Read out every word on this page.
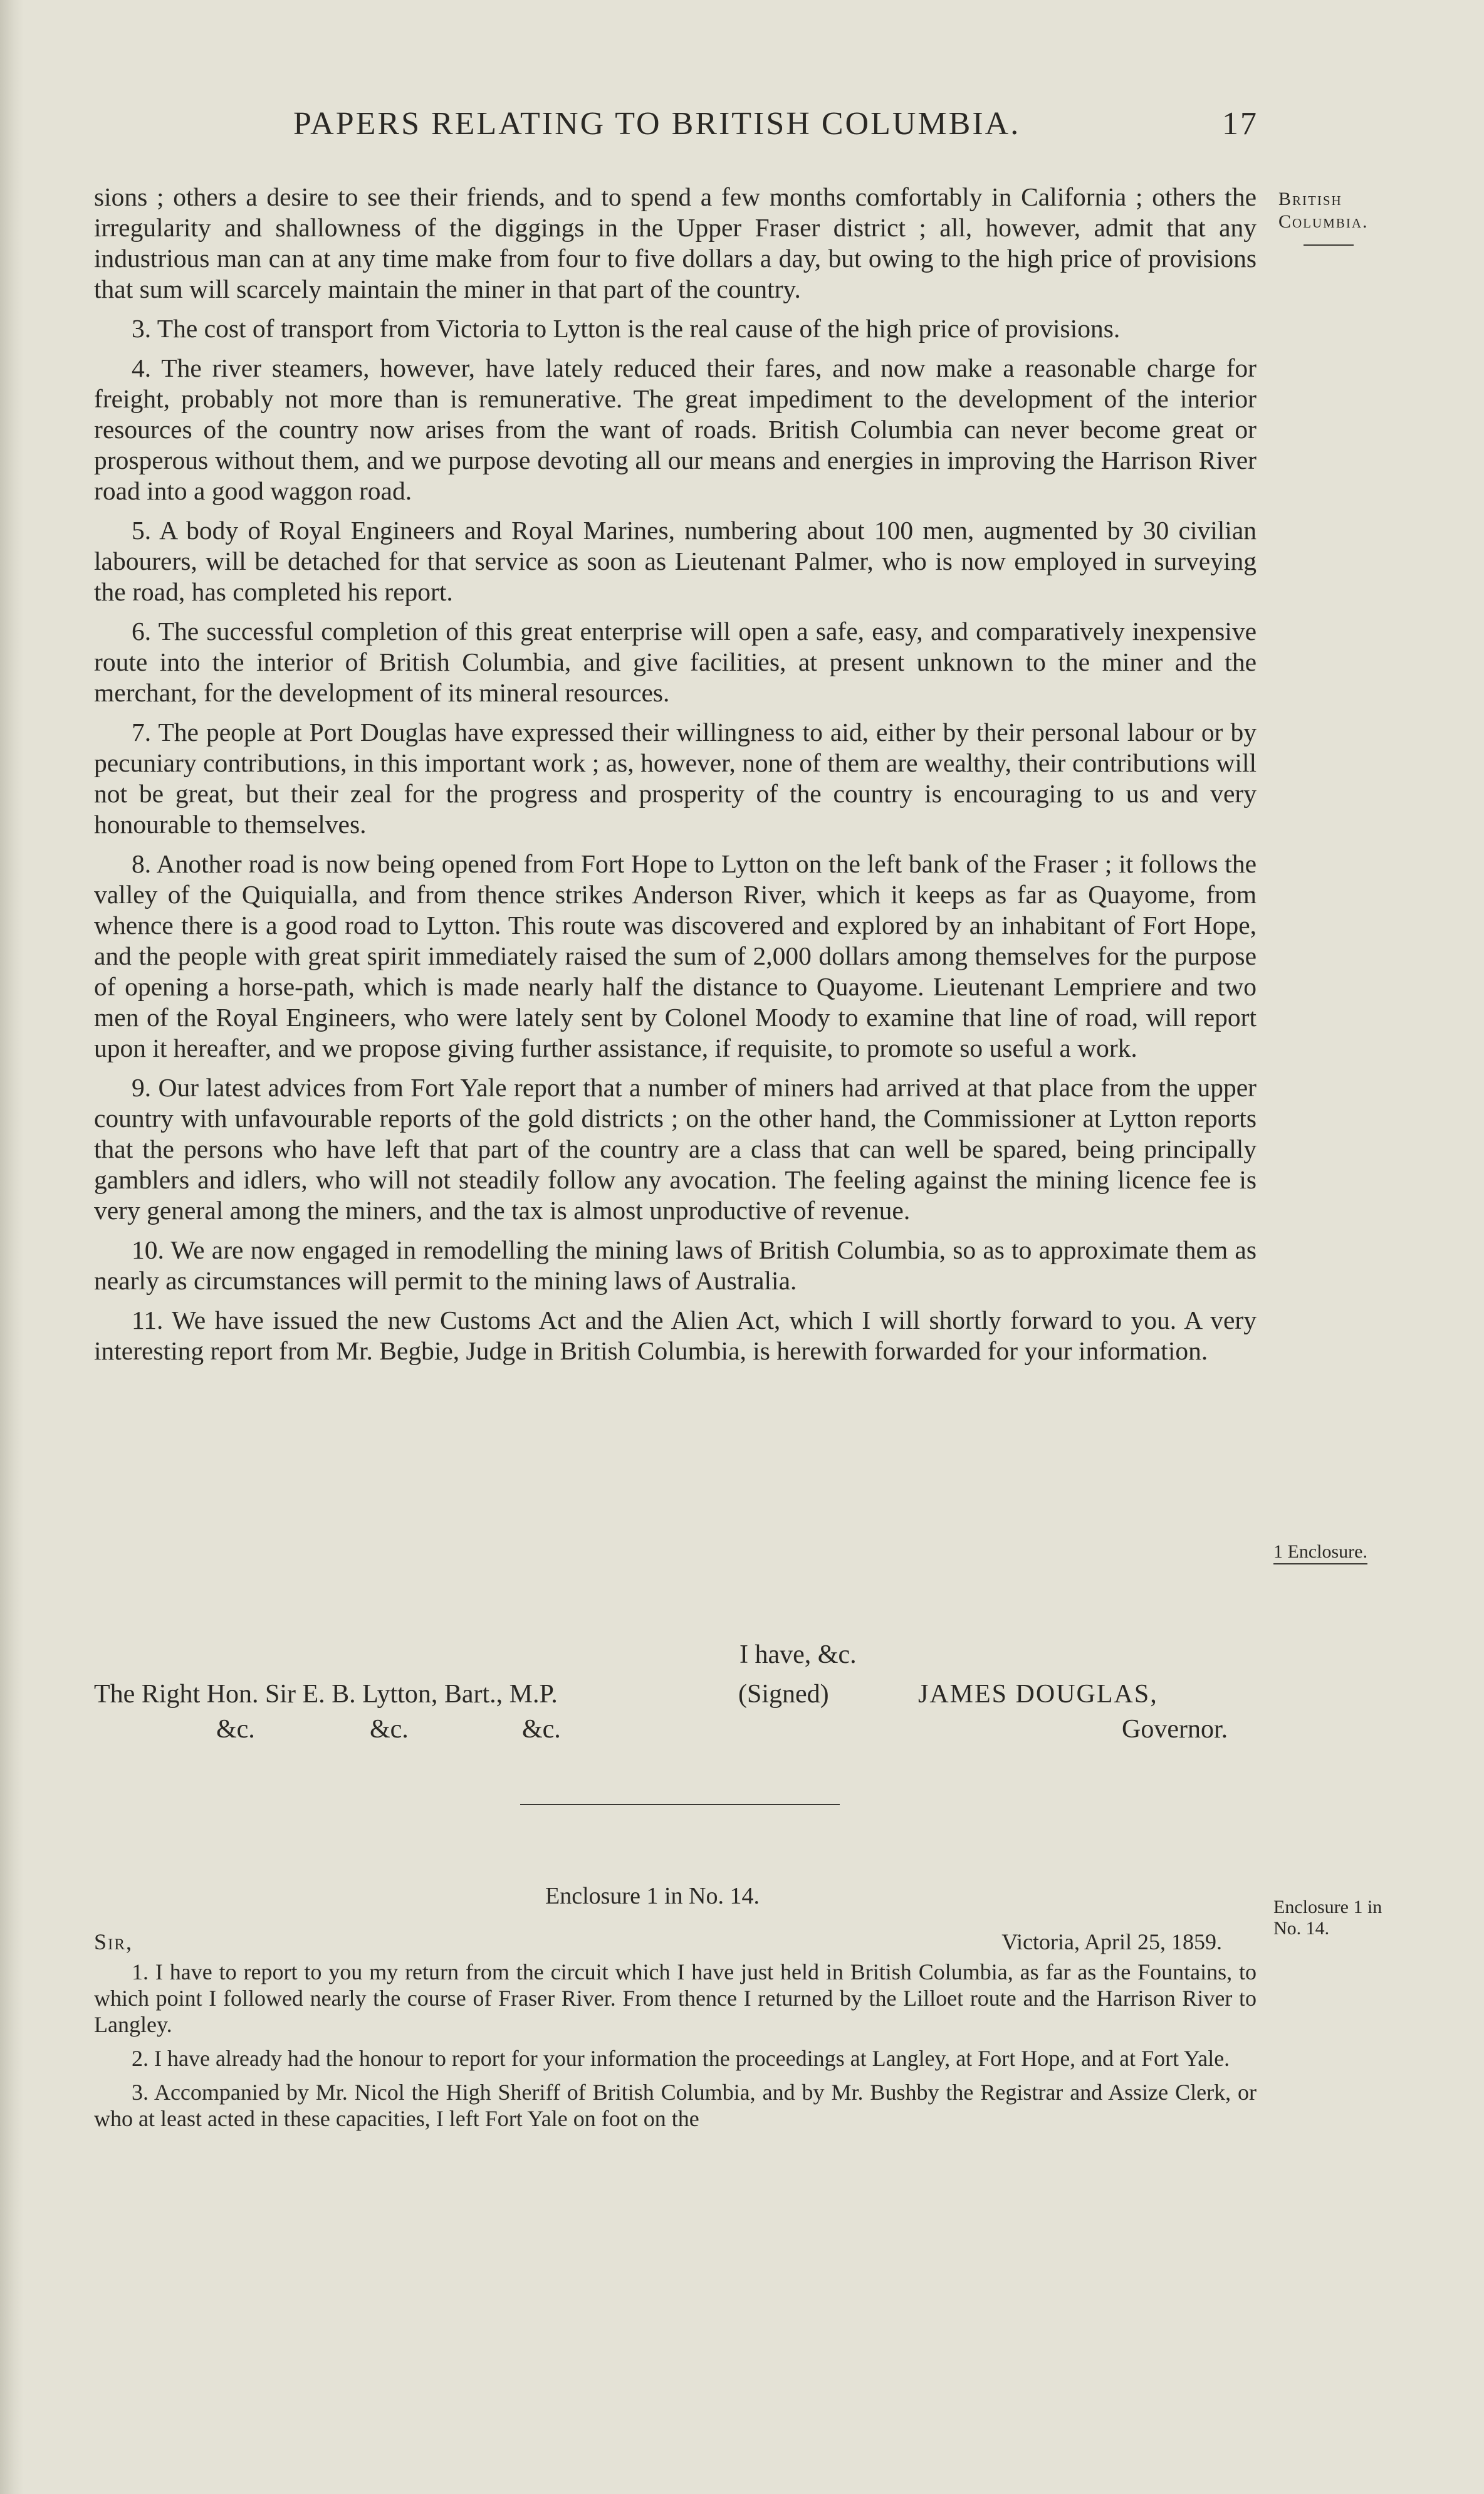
PAPERS RELATING TO BRITISH COLUMBIA.	17
British
Columbia.

sions ; others a desire to see their friends, and to spend a few months comfortably in California ; others the irregularity and shallowness of the diggings in the Upper Fraser district ; all, however, admit that any industrious man can at any time make from four to five dollars a day, but owing to the high price of provisions that sum will scarcely maintain the miner in that part of the country.

3. The cost of transport from Victoria to Lytton is the real cause of the high price of provisions.

4. The river steamers, however, have lately reduced their fares, and now make a reasonable charge for freight, probably not more than is remunerative. The great impediment to the development of the interior resources of the country now arises from the want of roads. British Columbia can never become great or prosperous without them, and we purpose devoting all our means and energies in improving the Harrison River road into a good waggon road.

5. A body of Royal Engineers and Royal Marines, numbering about 100 men, augmented by 30 civilian labourers, will be detached for that service as soon as Lieutenant Palmer, who is now employed in surveying the road, has completed his report.

6. The successful completion of this great enterprise will open a safe, easy, and comparatively inexpensive route into the interior of British Columbia, and give facilities, at present unknown to the miner and the merchant, for the development of its mineral resources.

7. The people at Port Douglas have expressed their willingness to aid, either by their personal labour or by pecuniary contributions, in this important work ; as, however, none of them are wealthy, their contributions will not be great, but their zeal for the progress and prosperity of the country is encouraging to us and very honourable to themselves.

8. Another road is now being opened from Fort Hope to Lytton on the left bank of the Fraser ; it follows the valley of the Quiquialla, and from thence strikes Anderson River, which it keeps as far as Quayome, from whence there is a good road to Lytton. This route was discovered and explored by an inhabitant of Fort Hope, and the people with great spirit immediately raised the sum of 2,000 dollars among themselves for the purpose of opening a horse-path, which is made nearly half the distance to Quayome. Lieutenant Lempriere and two men of the Royal Engineers, who were lately sent by Colonel Moody to examine that line of road, will report upon it hereafter, and we propose giving further assistance, if requisite, to promote so useful a work.

9. Our latest advices from Fort Yale report that a number of miners had arrived at that place from the upper country with unfavourable reports of the gold districts ; on the other hand, the Commissioner at Lytton reports that the persons who have left that part of the country are a class that can well be spared, being principally gamblers and idlers, who will not steadily follow any avocation. The feeling against the mining licence fee is very general among the miners, and the tax is almost unproductive of revenue.

10. We are now engaged in remodelling the mining laws of British Columbia, so as to approximate them as nearly as circumstances will permit to the mining laws of Australia.

11. We have issued the new Customs Act and the Alien Act, which I will shortly forward to you. A very interesting report from Mr. Begbie, Judge in British Columbia, is herewith forwarded for your information.

1 Enclosure.
I have, &c.
The Right Hon. Sir E. B. Lytton, Bart., M.P.	(Signed)	JAMES DOUGLAS,
&c.	&c.	&c.	Governor.
Enclosure 1 in No. 14.	Enclosure 1 in
No. 14.
Sir,	Victoria, April 25, 1859.

1. I have to report to you my return from the circuit which I have just held in British Columbia, as far as the Fountains, to which point I followed nearly the course of Fraser River. From thence I returned by the Lilloet route and the Harrison River to Langley.

2. I have already had the honour to report for your information the proceedings at Langley, at Fort Hope, and at Fort Yale.

3. Accompanied by Mr. Nicol the High Sheriff of British Columbia, and by Mr. Bushby the Registrar and Assize Clerk, or who at least acted in these capacities, I left Fort Yale on foot on the
